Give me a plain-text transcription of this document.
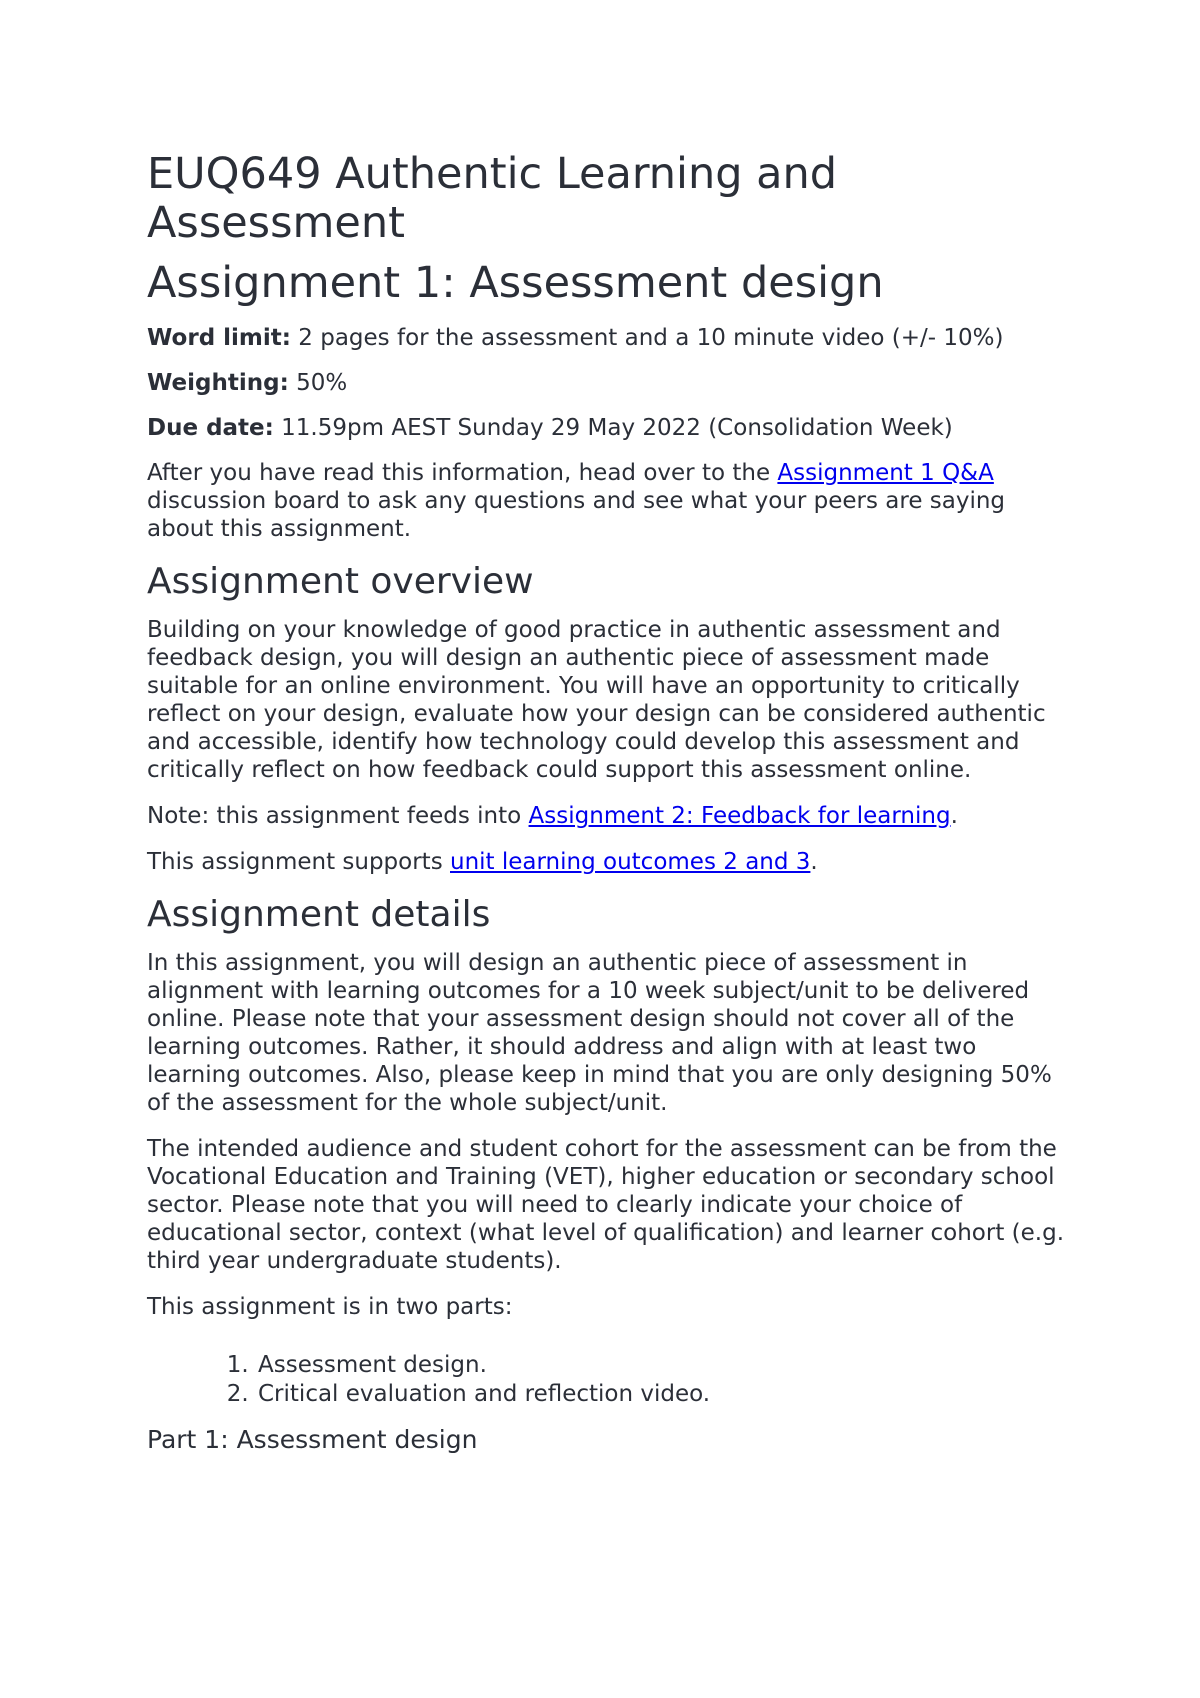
EUQ649 Authentic Learning and Assessment
Assignment 1: Assessment design

Word limit: 2 pages for the assessment and a 10 minute video (+/- 10%)

Weighting: 50%

Due date: 11.59pm AEST Sunday 29 May 2022 (Consolidation Week)

After you have read this information, head over to the Assignment 1 Q&A discussion board to ask any questions and see what your peers are saying about this assignment.

Assignment overview

Building on your knowledge of good practice in authentic assessment and feedback design, you will design an authentic piece of assessment made suitable for an online environment. You will have an opportunity to critically reflect on your design, evaluate how your design can be considered authentic and accessible, identify how technology could develop this assessment and critically reflect on how feedback could support this assessment online.

Note: this assignment feeds into Assignment 2: Feedback for learning.

This assignment supports unit learning outcomes 2 and 3.

Assignment details

In this assignment, you will design an authentic piece of assessment in alignment with learning outcomes for a 10 week subject/unit to be delivered online. Please note that your assessment design should not cover all of the learning outcomes. Rather, it should address and align with at least two learning outcomes. Also, please keep in mind that you are only designing 50% of the assessment for the whole subject/unit.

The intended audience and student cohort for the assessment can be from the Vocational Education and Training (VET), higher education or secondary school sector. Please note that you will need to clearly indicate your choice of educational sector, context (what level of qualification) and learner cohort (e.g. third year undergraduate students).

This assignment is in two parts:

1. Assessment design.
2. Critical evaluation and reflection video.
Part 1: Assessment design
